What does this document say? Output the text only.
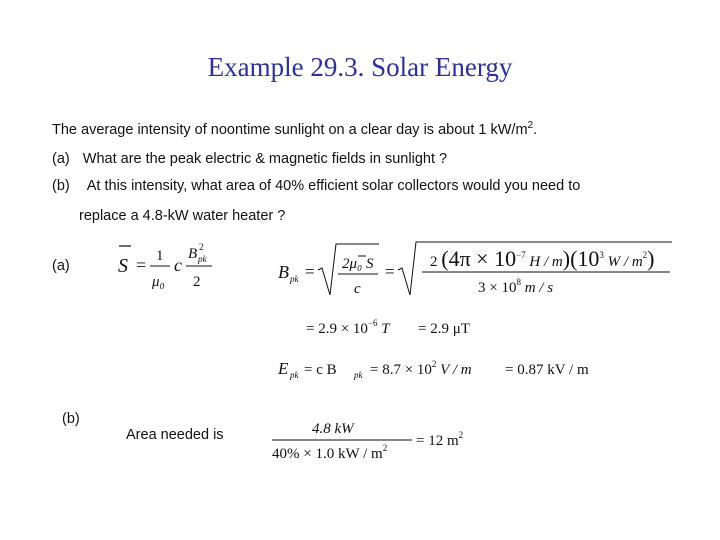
Example 29.3. Solar Energy
The average intensity of noontime sunlight on a clear day is about 1 $kW/m^2$.
(a) What are the peak electric & magnetic fields in sunlight ?
(b) At this intensity, what area of 40% efficient solar collectors would you need to
replace a 4.8-kW water heater ?
(a)
(b)
Area needed is
S = 1
μ₀
c
B pk
2
2	B pk = 2μ₀ S
c
= 2 ($4\pi \times 10^{-7}$ H / $m)(10^3$ W / $m^2$)
$3 \times 10^8$ m / s
= $2.9 \times 10^{-6}$ T = 2.9 μT
E pk = c B pk = $8.7 \times 10^2$ V / m = 0.87 kV / m
4.8 kW
40% × 1.0 kW / $m^2 = 12$ $m^2$
